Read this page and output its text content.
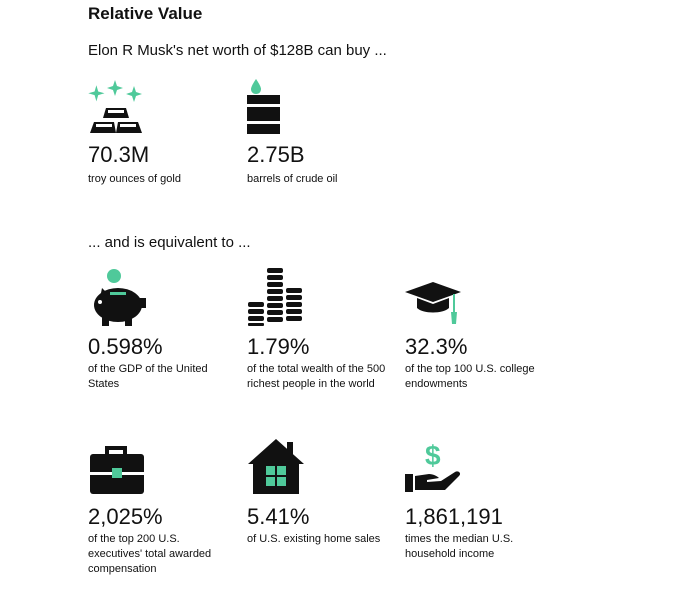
Relative Value
Elon R Musk's net worth of $128B can buy ...
70.3M
troy ounces of gold
2.75B
barrels of crude oil
... and is equivalent to ...
0.598%
of the GDP of the United States
1.79%
of the total wealth of the 500 richest people in the world
32.3%
of the top 100 U.S. college endowments
2,025%
of the top 200 U.S. executives' total awarded compensation
5.41%
of U.S. existing home sales
$
1,861,191
times the median U.S. household income
